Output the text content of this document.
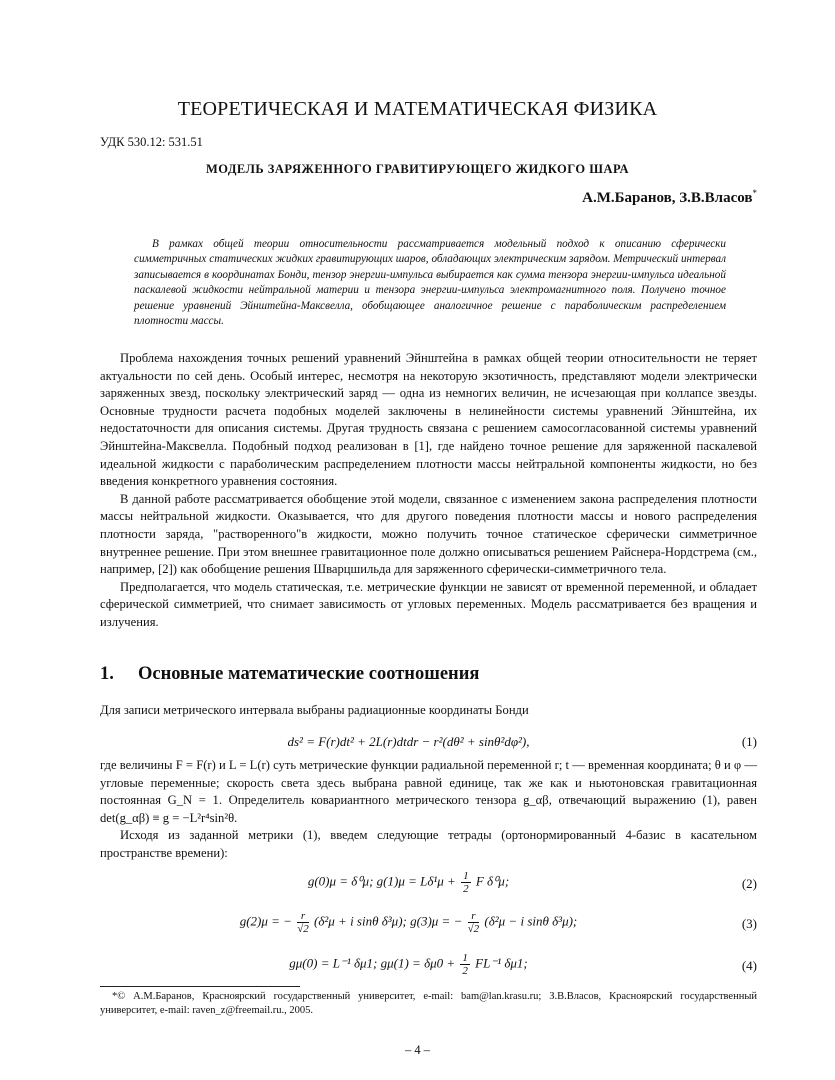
ТЕОРЕТИЧЕСКАЯ И МАТЕМАТИЧЕСКАЯ ФИЗИКА
УДК 530.12: 531.51
МОДЕЛЬ ЗАРЯЖЕННОГО ГРАВИТИРУЮЩЕГО ЖИДКОГО ШАРА
А.М.Баранов, З.В.Власов*
В рамках общей теории относительности рассматривается модельный подход к описанию сферически симметричных статических жидких гравитирующих шаров, обладающих электрическим зарядом. Метрический интервал записывается в координатах Бонди, тензор энергии-импульса выбирается как сумма тензора энергии-импульса идеальной паскалевой жидкости нейтральной материи и тензора энергии-импульса электромагнитного поля. Получено точное решение уравнений Эйнштейна-Максвелла, обобщающее аналогичное решение с параболическим распределением плотности массы.

Проблема нахождения точных решений уравнений Эйнштейна в рамках общей теории относительности не теряет актуальности по сей день. Особый интерес, несмотря на некоторую экзотичность, представляют модели электрически заряженных звезд, поскольку электрический заряд — одна из немногих величин, не исчезающая при коллапсе звезды. Основные трудности расчета подобных моделей заключены в нелинейности системы уравнений Эйнштейна, их недостаточности для описания системы. Другая трудность связана с решением самосогласованной системы уравнений Эйнштейна-Максвелла. Подобный подход реализован в [1], где найдено точное решение для заряженной паскалевой идеальной жидкости с параболическим распределением плотности массы нейтральной компоненты жидкости, но без введения конкретного уравнения состояния.

В данной работе рассматривается обобщение этой модели, связанное с изменением закона распределения плотности массы нейтральной жидкости. Оказывается, что для другого поведения плотности массы и нового распределения плотности заряда, "растворенного"в жидкости, можно получить точное статическое сферически симметричное внутреннее решение. При этом внешнее гравитационное поле должно описываться решением Райснера-Нордстрема (см., например, [2]) как обобщение решения Шварцшильда для заряженного сферически-симметричного тела.

Предполагается, что модель статическая, т.е. метрические функции не зависят от временной переменной, и обладает сферической симметрией, что снимает зависимость от угловых переменных. Модель рассматривается без вращения и излучения.

1. Основные математические соотношения

Для записи метрического интервала выбраны радиационные координаты Бонди

ds² = F(r)dt² + 2L(r)dtdr − r²(dθ² + sinθ²dφ²),	(1)

где величины F = F(r) и L = L(r) суть метрические функции радиальной переменной r; t — временная координата; θ и φ — угловые переменные; скорость света здесь выбрана равной единице, так же как и ньютоновская гравитационная постоянная G_N = 1. Определитель ковариантного метрического тензора g_αβ, отвечающий выражению (1), равен det(g_αβ) ≡ g = −L²r⁴sin²θ.

Исходя из заданной метрики (1), введем следующие тетрады (ортонормированный 4-базис в касательном пространстве времени):

g(0)μ = δ⁰μ; $g(1)\mu = L\delta^1\mu + \frac{1}{2}$ F δ⁰μ;	(2)
g(2)μ = − $\frac{r}{√2} (\delta^2\mu + i$ sinθ δ³μ); g(3)μ = − $\frac{r}{√2} (\delta^2\mu - i$ sinθ δ³μ);	(3)
gμ(0) = L⁻¹ δμ1; $g\mu(1) = \delta\mu 0 + \frac{1}{2} FL^{-1}$ δμ1;	(4)
*© А.М.Баранов, Красноярский государственный университет, e-mail: bam@lan.krasu.ru; З.В.Власов, Красноярский государственный университет, e-mail: raven_z@freemail.ru., 2005.
– 4 –
